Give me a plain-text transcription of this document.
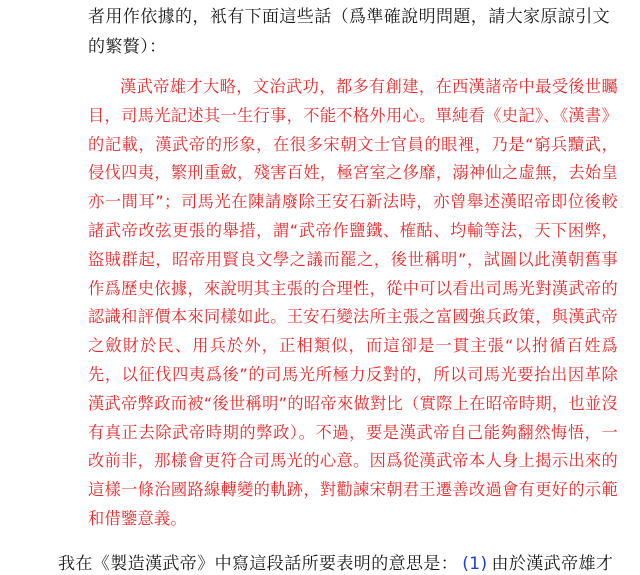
者用作依據的，衹有下面這些話（爲準確說明問題，請大家原諒引文的繁贅）：

漢武帝雄才大略，文治武功，都多有創建，在西漢諸帝中最受後世矚目，司馬光記述其一生行事，不能不格外用心。單純看《史記》、《漢書》的記載，漢武帝的形象，在很多宋朝文士官員的眼裡，乃是“窮兵黷武，侵伐四夷，繁刑重斂，殘害百姓，極宮室之侈靡，溺神仙之虛無，去始皇亦一間耳”；司馬光在陳請廢除王安石新法時，亦曾舉述漢昭帝即位後較諸武帝改弦更張的舉措，謂“武帝作鹽鐵、榷酤、均輸等法，天下困弊，盜賊群起，昭帝用賢良文學之議而罷之，後世稱明”，試圖以此漢朝舊事作爲歷史依據，來說明其主張的合理性，從中可以看出司馬光對漢武帝的認識和評價本來同樣如此。王安石變法所主張之富國強兵政策，與漢武帝之斂財於民、用兵於外，正相類似，而這卻是一貫主張“以拊循百姓爲先，以征伐四夷爲後”的司馬光所極力反對的，所以司馬光要抬出因革除漢武帝弊政而被“後世稱明”的昭帝來做對比（實際上在昭帝時期，也並沒有真正去除武帝時期的弊政）。不過，要是漢武帝自己能夠翻然悔悟，一改前非，那樣會更符合司馬光的心意。因爲從漢武帝本人身上揭示出來的這樣一條治國路線轉變的軌跡，對勸諫宋朝君王遷善改過會有更好的示範和借鑒意義。

我在《製造漢武帝》中寫這段話所要表明的意思是： (1) 由於漢武帝雄才
